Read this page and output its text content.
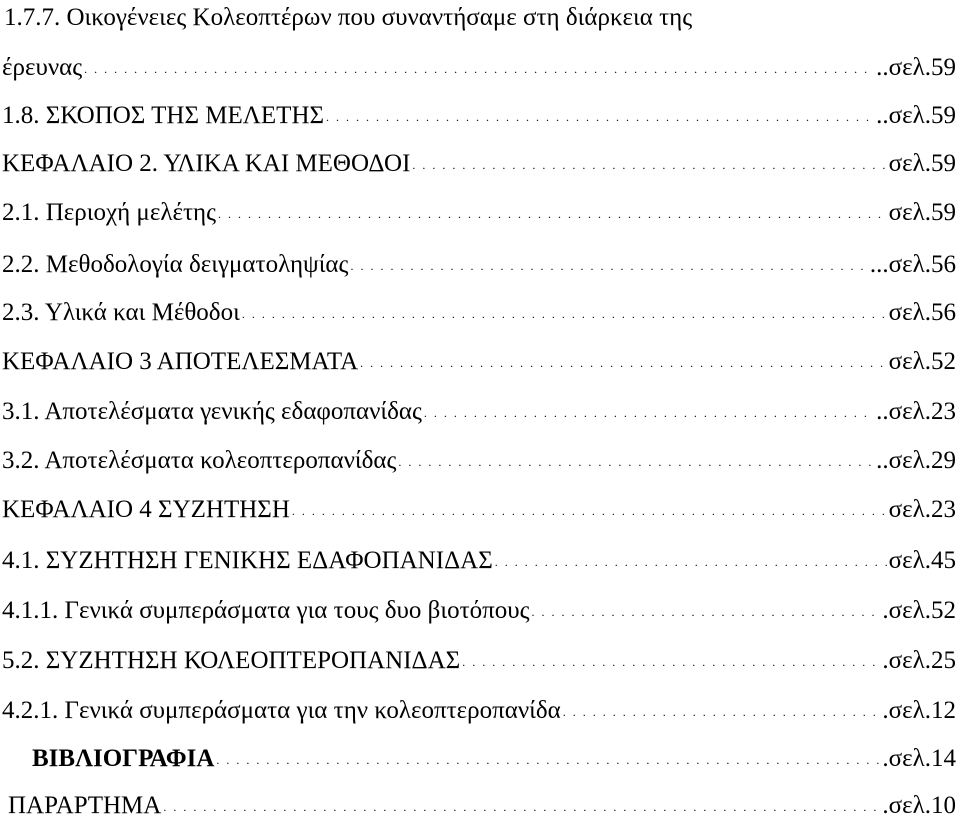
1.7.7. Οικογένειες Κολεοπτέρων που συναντήσαμε στη διάρκεια της
έρευνας . . .	..σελ.59
1.8. ΣΚΟΠΟΣ ΤΗΣ ΜΕΛΕΤΗΣ . . .	..σελ.59
ΚΕΦΑΛΑΙΟ 2. ΥΛΙΚΑ ΚΑΙ ΜΕΘΟΔΟΙ . . .	σελ.59
2.1. Περιοχή μελέτης . . .	σελ.59
2.2. Μεθοδολογία δειγματοληψίας . . .	...σελ.56
2.3. Υλικά και Μέθοδοι . . .	σελ.56
ΚΕΦΑΛΑΙΟ 3 ΑΠΟΤΕΛΕΣΜΑΤΑ . . .	σελ.52
3.1. Αποτελέσματα γενικής εδαφοπανίδας . . .	..σελ.23
3.2. Αποτελέσματα κολεοπτεροπανίδας . . .	..σελ.29
ΚΕΦΑΛΑΙΟ 4 ΣΥΖΗΤΗΣΗ . . .	σελ.23
4.1. ΣΥΖΗΤΗΣΗ ΓΕΝΙΚΗΣ ΕΔΑΦΟΠΑΝΙΔΑΣ . . .	σελ.45
4.1.1. Γενικά συμπεράσματα για τους δυο βιοτόπους . . .	.σελ.52
5.2. ΣΥΖΗΤΗΣΗ ΚΟΛΕΟΠΤΕΡΟΠΑΝΙΔΑΣ . . .	.σελ.25
4.2.1. Γενικά συμπεράσματα για την κολεοπτεροπανίδα . . .	.σελ.12
ΒΙΒΛΙΟΓΡΑΦΙΑ . . .	.σελ.14
ΠΑΡΑΡΤΗΜΑ . . .	.σελ.10
